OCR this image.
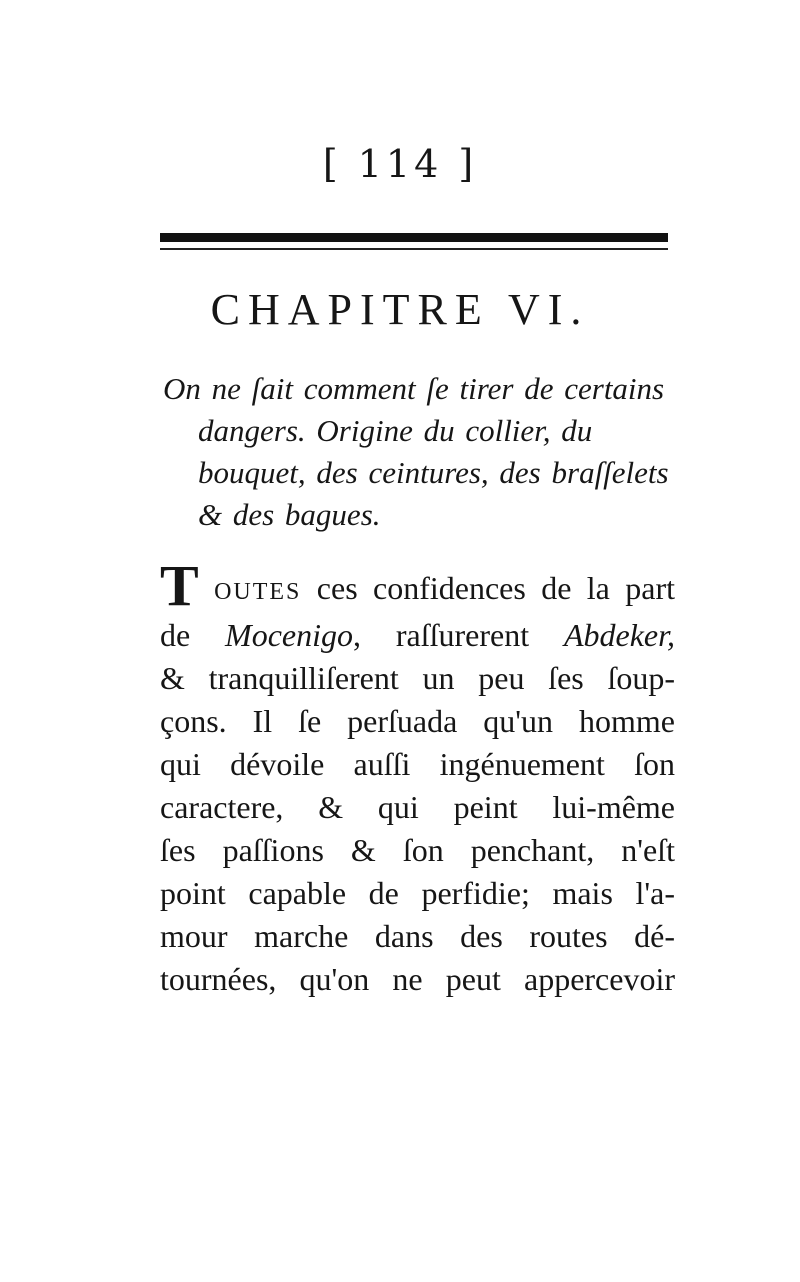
[ 114 ]
CHAPITRE VI.
On ne ſait comment ſe tirer de certains
dangers. Origine du collier, du bouquet, des ceintures, des braſſelets & des bagues.
T OUTES ces confidences de la part
de Mocenigo, raſſurerent Abdeker,
& tranquilliſerent un peu ſes ſoup-
çons. Il ſe perſuada qu'un homme
qui dévoile auſſi ingénuement ſon
caractere, & qui peint lui-même
ſes paſſions & ſon penchant, n'eſt
point capable de perfidie; mais l'a-
mour marche dans des routes dé-
tournées, qu'on ne peut appercevoir
